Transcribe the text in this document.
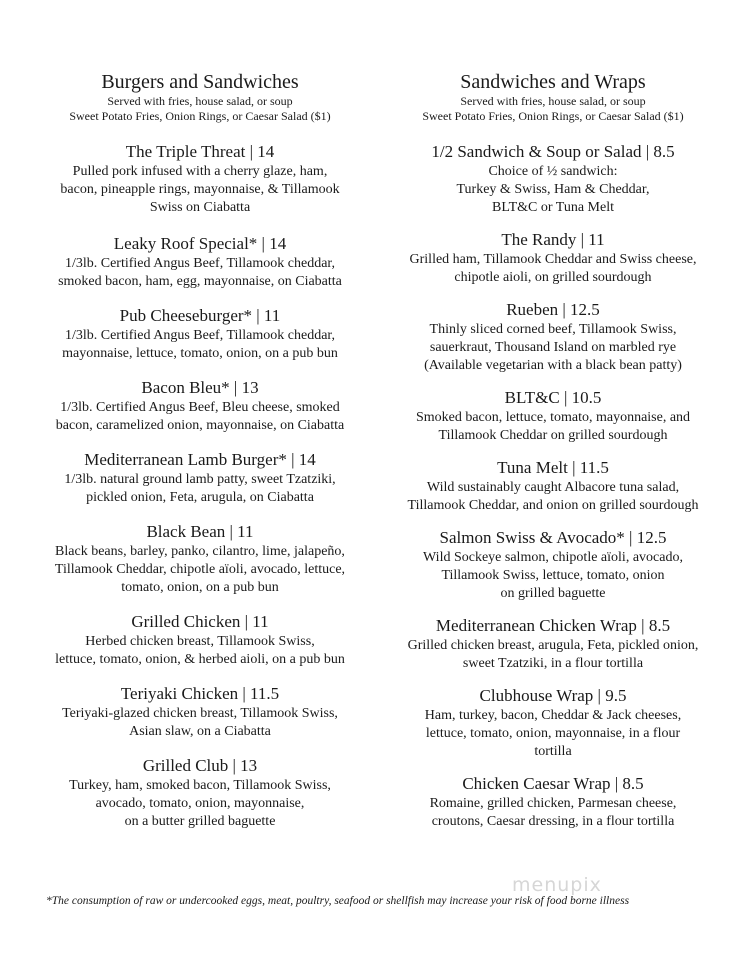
Burgers and Sandwiches
Served with fries, house salad, or soup
Sweet Potato Fries, Onion Rings, or Caesar Salad ($1)
The Triple Threat | 14
Pulled pork infused with a cherry glaze, ham,
bacon, pineapple rings, mayonnaise, & Tillamook
Swiss on Ciabatta
Leaky Roof Special* | 14
1/3lb. Certified Angus Beef, Tillamook cheddar,
smoked bacon, ham, egg, mayonnaise, on Ciabatta
Pub Cheeseburger* | 11
1/3lb. Certified Angus Beef, Tillamook cheddar,
mayonnaise, lettuce, tomato, onion, on a pub bun
Bacon Bleu* | 13
1/3lb. Certified Angus Beef, Bleu cheese, smoked
bacon, caramelized onion, mayonnaise, on Ciabatta
Mediterranean Lamb Burger* | 14
1/3lb. natural ground lamb patty, sweet Tzatziki,
pickled onion, Feta, arugula, on Ciabatta
Black Bean | 11
Black beans, barley, panko, cilantro, lime, jalapeño,
Tillamook Cheddar, chipotle aïoli, avocado, lettuce,
tomato, onion, on a pub bun
Grilled Chicken | 11
Herbed chicken breast, Tillamook Swiss,
lettuce, tomato, onion, & herbed aioli, on a pub bun
Teriyaki Chicken | 11.5
Teriyaki-glazed chicken breast, Tillamook Swiss,
Asian slaw, on a Ciabatta
Grilled Club | 13
Turkey, ham, smoked bacon, Tillamook Swiss,
avocado, tomato, onion, mayonnaise,
on a butter grilled baguette
Sandwiches and Wraps
Served with fries, house salad, or soup
Sweet Potato Fries, Onion Rings, or Caesar Salad ($1)
1/2 Sandwich & Soup or Salad | 8.5
Choice of ½ sandwich:
Turkey & Swiss, Ham & Cheddar,
BLT&C or Tuna Melt
The Randy | 11
Grilled ham, Tillamook Cheddar and Swiss cheese,
chipotle aioli, on grilled sourdough
Rueben | 12.5
Thinly sliced corned beef, Tillamook Swiss,
sauerkraut, Thousand Island on marbled rye
(Available vegetarian with a black bean patty)
BLT&C | 10.5
Smoked bacon, lettuce, tomato, mayonnaise, and
Tillamook Cheddar on grilled sourdough
Tuna Melt | 11.5
Wild sustainably caught Albacore tuna salad,
Tillamook Cheddar, and onion on grilled sourdough
Salmon Swiss & Avocado* | 12.5
Wild Sockeye salmon, chipotle aïoli, avocado,
Tillamook Swiss, lettuce, tomato, onion
on grilled baguette
Mediterranean Chicken Wrap | 8.5
Grilled chicken breast, arugula, Feta, pickled onion,
sweet Tzatziki, in a flour tortilla
Clubhouse Wrap | 9.5
Ham, turkey, bacon, Cheddar & Jack cheeses,
lettuce, tomato, onion, mayonnaise, in a flour
tortilla
Chicken Caesar Wrap | 8.5
Romaine, grilled chicken, Parmesan cheese,
croutons, Caesar dressing, in a flour tortilla
*The consumption of raw or undercooked eggs, meat, poultry, seafood or shellfish may increase your risk of food borne illness
menupix
